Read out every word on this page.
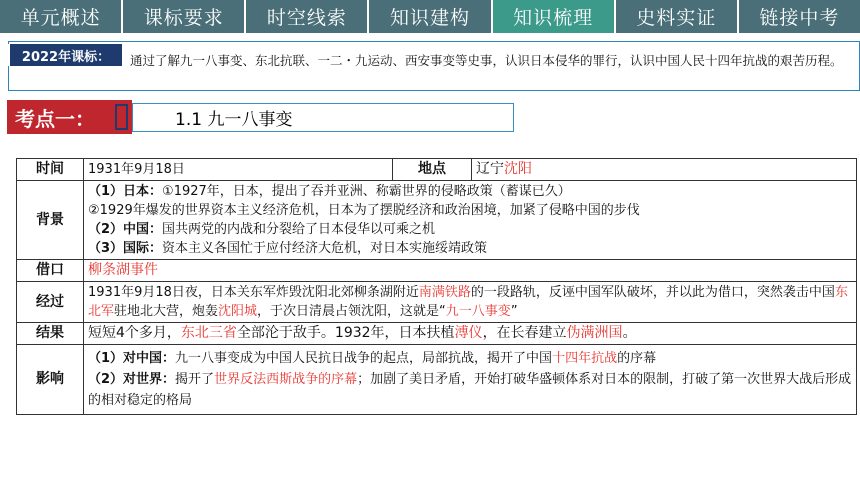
单元概述	课标要求	时空线索	知识建构	知识梳理	史料实证	链接中考
通过了解九一八事变、东北抗联、一二・九运动、西安事变等史事，认识日本侵华的罪行，认识中国人民十四年抗战的艰苦历程。
2022年课标：
考点一：	1.1 九一八事变
时间	1931年9月18日	地点	辽宁沈阳
背景	（1）日本：①1927年，日本，提出了吞并亚洲、称霸世界的侵略政策（蓄谋已久）
②1929年爆发的世界资本主义经济危机，日本为了摆脱经济和政治困境，加紧了侵略中国的步伐
（2）中国：国共两党的内战和分裂给了日本侵华以可乘之机
（3）国际：资本主义各国忙于应付经济大危机，对日本实施绥靖政策		

借口	柳条湖事件		
经过	1931年9月18日夜，日本关东军炸毁沈阳北郊柳条湖附近南满铁路的一段路轨，反诬中国军队破坏，并以此为借口，突然袭击中国东北军驻地北大营，炮轰沈阳城，于次日清晨占领沈阳，这就是“九一八事变”		
结果	短短4个多月，东北三省全部沦于敌手。1932年，日本扶植溥仪，在长春建立伪满洲国。		
影响	（1）对中国：九一八事变成为中国人民抗日战争的起点，局部抗战，揭开了中国十四年抗战的序幕
（2）对世界：揭开了世界反法西斯战争的序幕；加剧了美日矛盾，开始打破华盛顿体系对日本的限制，打破了第一次世界大战后形成的相对稳定的格局		
